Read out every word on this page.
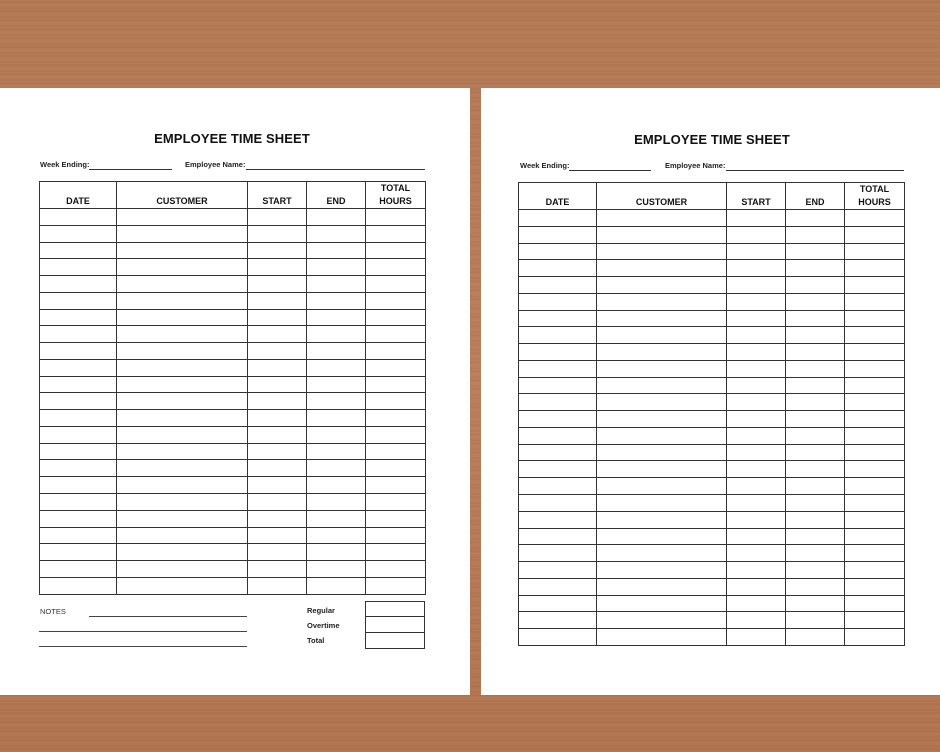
EMPLOYEE TIME SHEET
Week Ending:	Employee Name:
DATE	CUSTOMER	START	END	TOTAL
HOURS

NOTES	Regular
Overtime
Total
EMPLOYEE TIME SHEET
Week Ending:	Employee Name:
DATE	CUSTOMER	START	END	TOTAL
HOURS
